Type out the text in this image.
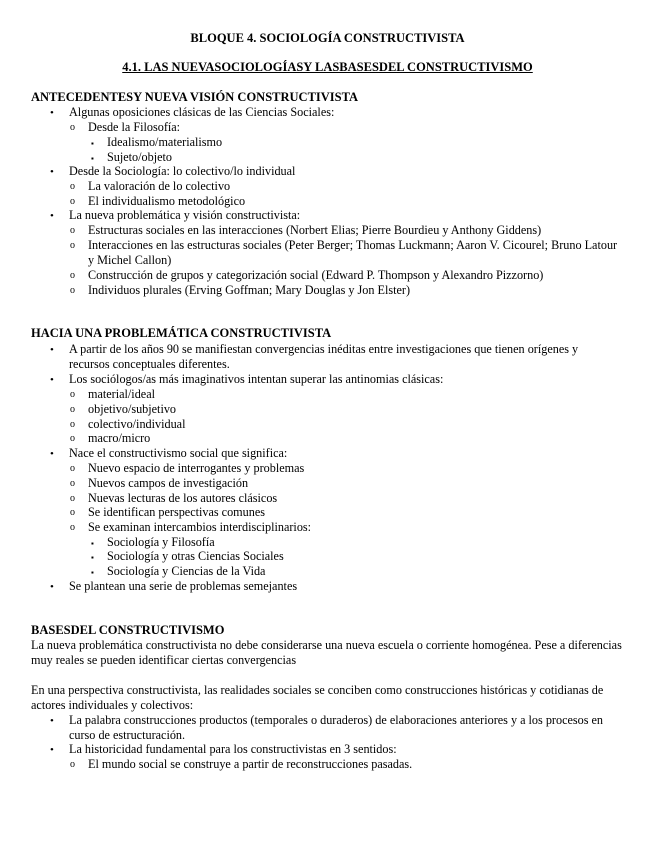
BLOQUE 4. SOCIOLOGÍA CONSTRUCTIVISTA
4.1. LAS NUEVASOCIOLOGÍASY LASBASESDEL CONSTRUCTIVISMO
ANTECEDENTESY NUEVA VISIÓN CONSTRUCTIVISTA
• Algunas oposiciones clásicas de las Ciencias Sociales:
o Desde la Filosofía:
▪ Idealismo/materialismo
▪ Sujeto/objeto
• Desde la Sociología: lo colectivo/lo individual
o La valoración de lo colectivo
o El individualismo metodológico
• La nueva problemática y visión constructivista:
o Estructuras sociales en las interacciones (Norbert Elias; Pierre Bourdieu y Anthony Giddens)
o Interacciones en las estructuras sociales (Peter Berger; Thomas Luckmann; Aaron V. Cicourel; Bruno Latour y Michel Callon)
o Construcción de grupos y categorización social (Edward P. Thompson y Alexandro Pizzorno)
o Individuos plurales (Erving Goffman; Mary Douglas y Jon Elster)
HACIA UNA PROBLEMÁTICA CONSTRUCTIVISTA
• A partir de los años 90 se manifiestan convergencias inéditas entre investigaciones que tienen orígenes y recursos conceptuales diferentes.
• Los sociólogos/as más imaginativos intentan superar las antinomias clásicas:
o material/ideal
o objetivo/subjetivo
o colectivo/individual
o macro/micro
• Nace el constructivismo social que significa:
o Nuevo espacio de interrogantes y problemas
o Nuevos campos de investigación
o Nuevas lecturas de los autores clásicos
o Se identifican perspectivas comunes
o Se examinan intercambios interdisciplinarios:
▪ Sociología y Filosofía
▪ Sociología y otras Ciencias Sociales
▪ Sociología y Ciencias de la Vida
• Se plantean una serie de problemas semejantes
BASESDEL CONSTRUCTIVISMO
La nueva problemática constructivista no debe considerarse una nueva escuela o corriente homogénea. Pese a diferencias muy reales se pueden identificar ciertas convergencias
En una perspectiva constructivista, las realidades sociales se conciben como construcciones históricas y cotidianas de actores individuales y colectivos:
• La palabra construcciones productos (temporales o duraderos) de elaboraciones anteriores y a los procesos en curso de estructuración.
• La historicidad fundamental para los constructivistas en 3 sentidos:
o El mundo social se construye a partir de reconstrucciones pasadas.
